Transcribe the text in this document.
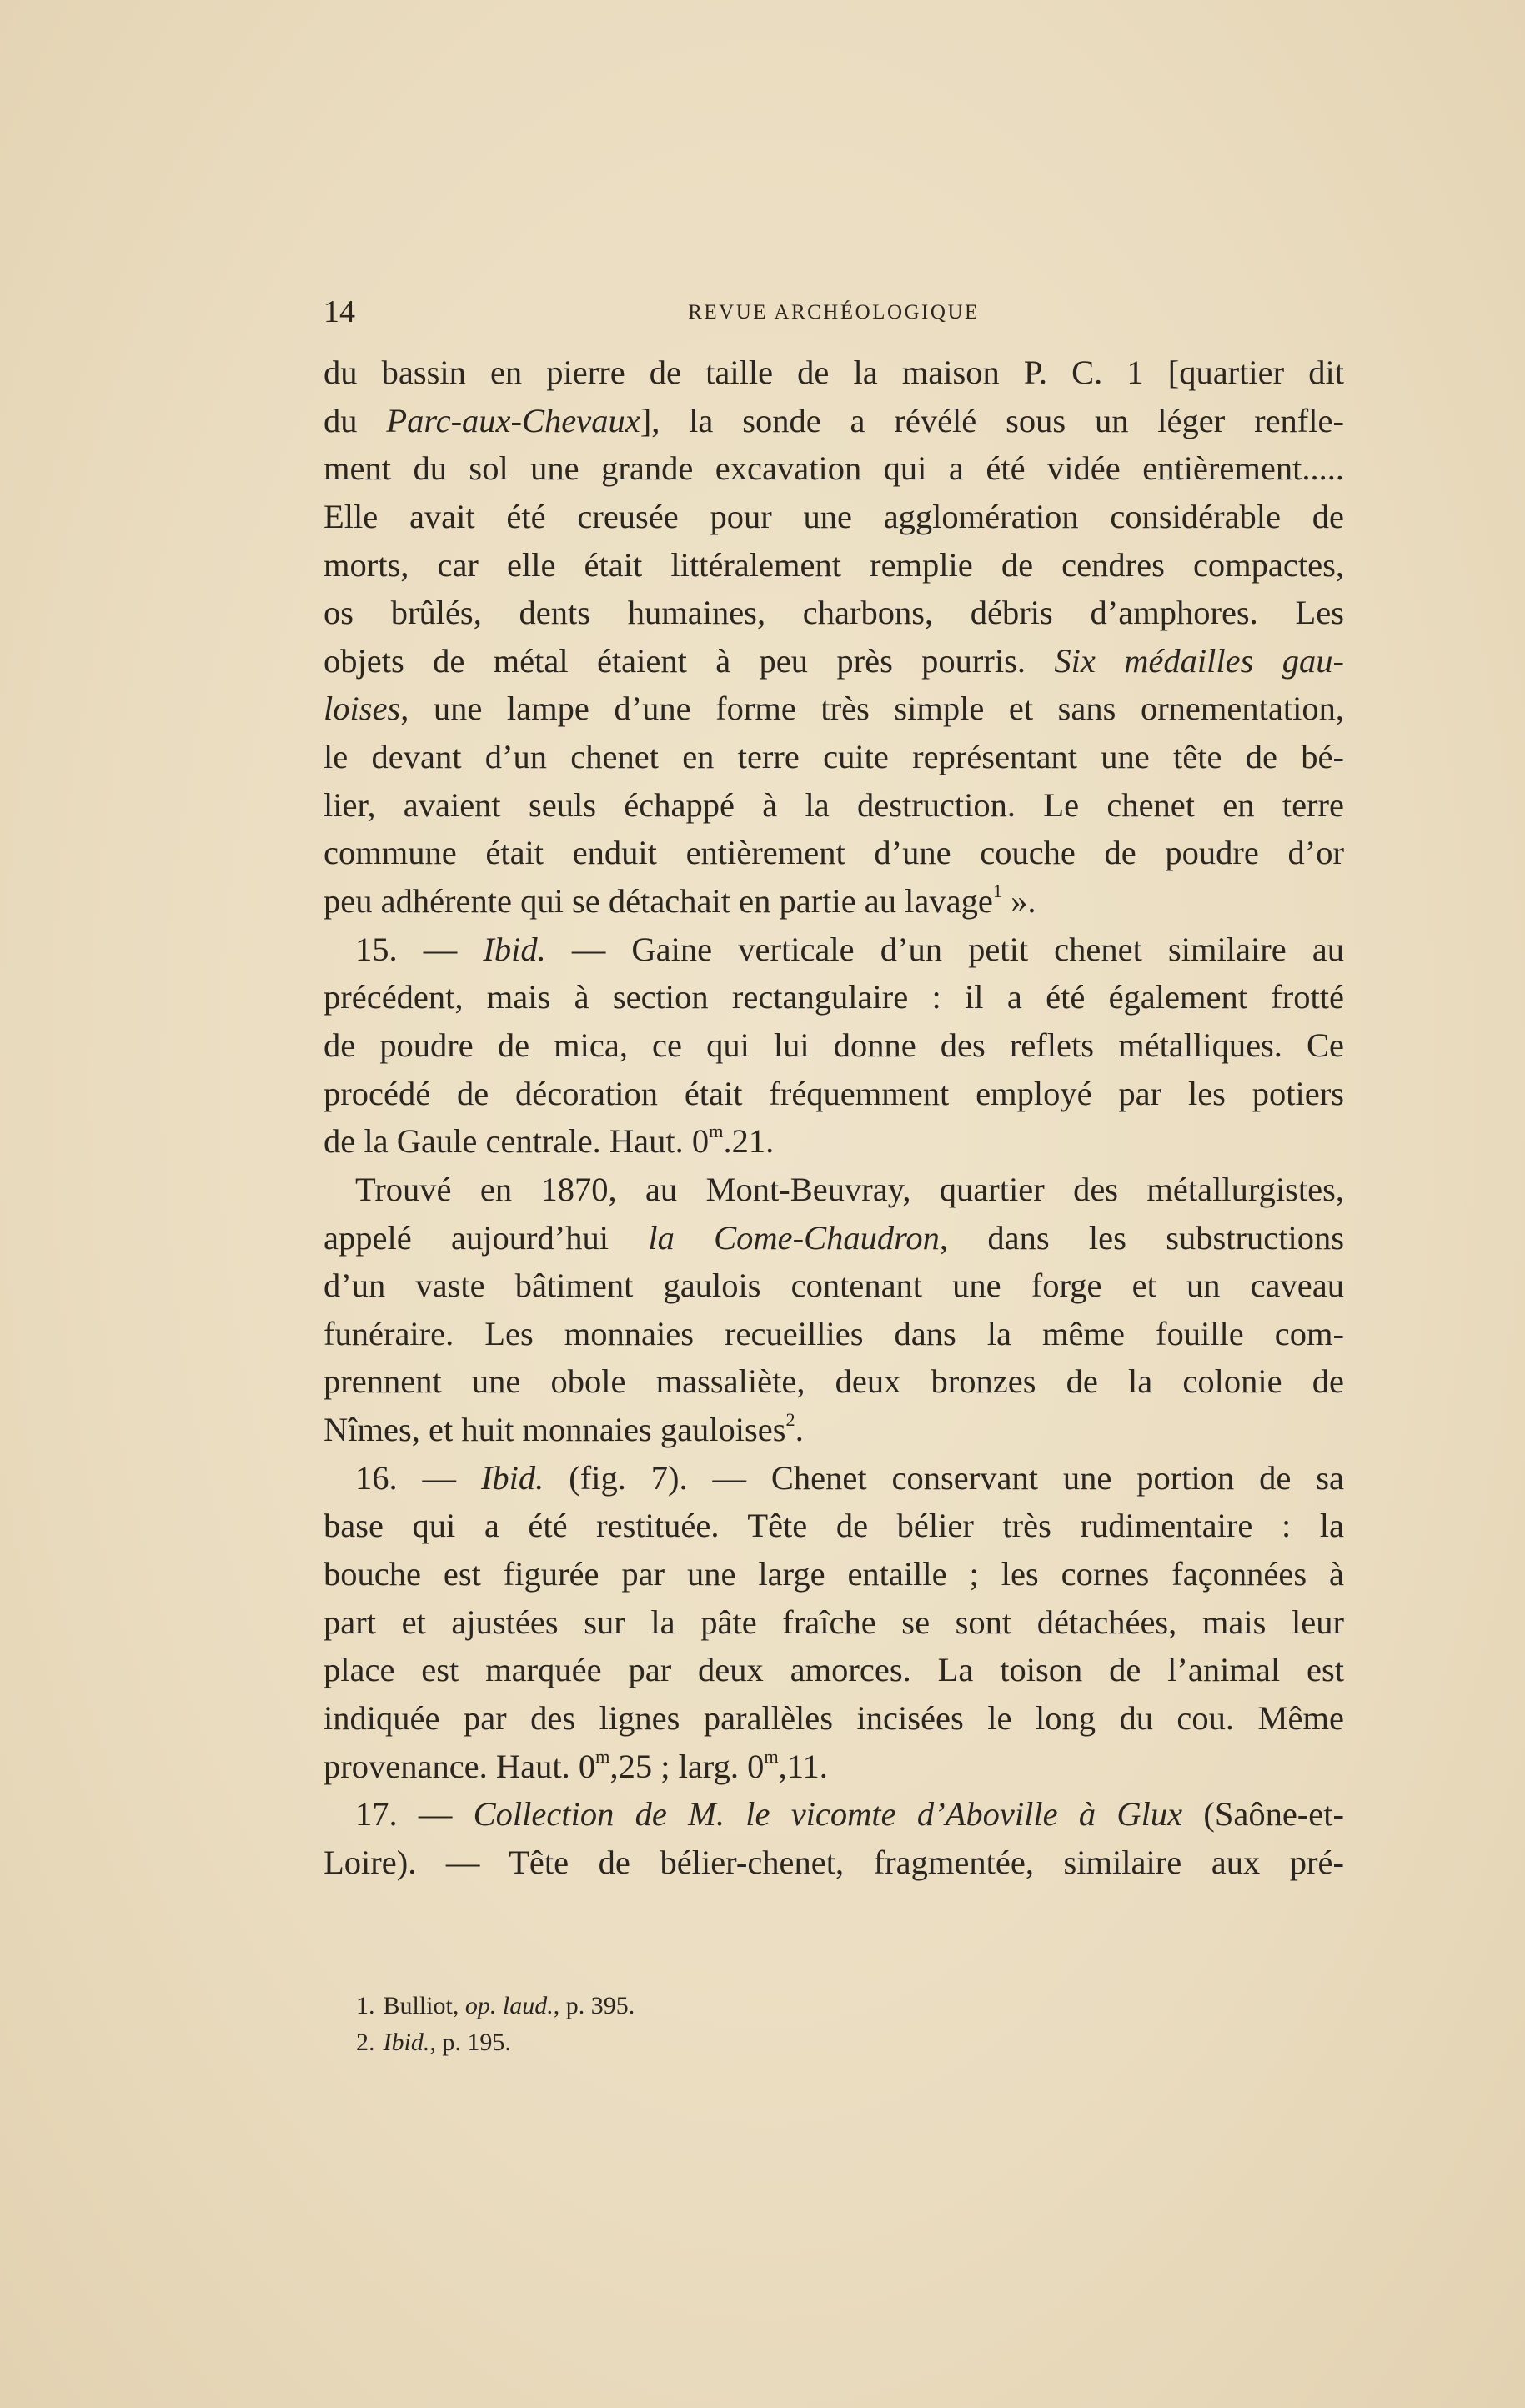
14	REVUE ARCHÉOLOGIQUE
du bassin en pierre de taille de la maison P. C. 1 [quartier dit
du Parc-aux-Chevaux], la sonde a révélé sous un léger renfle-
ment du sol une grande excavation qui a été vidée entièrement.....
Elle avait été creusée pour une agglomération considérable de
morts, car elle était littéralement remplie de cendres compactes,
os brûlés, dents humaines, charbons, débris d’amphores. Les
objets de métal étaient à peu près pourris. Six médailles gau-
loises, une lampe d’une forme très simple et sans ornementation,
le devant d’un chenet en terre cuite représentant une tête de bé-
lier, avaient seuls échappé à la destruction. Le chenet en terre
commune était enduit entièrement d’une couche de poudre d’or
peu adhérente qui se détachait en partie au lavage$^1$ ».
15. — Ibid. — Gaine verticale d’un petit chenet similaire au
précédent, mais à section rectangulaire : il a été également frotté
de poudre de mica, ce qui lui donne des reflets métalliques. Ce
procédé de décoration était fréquemment employé par les potiers
de la Gaule centrale. Haut. 0$^m$.21.
Trouvé en 1870, au Mont-Beuvray, quartier des métallurgistes,
appelé aujourd’hui la Come-Chaudron, dans les substructions
d’un vaste bâtiment gaulois contenant une forge et un caveau
funéraire. Les monnaies recueillies dans la même fouille com-
prennent une obole massaliète, deux bronzes de la colonie de
Nîmes, et huit monnaies gauloises$^2$.
16. — Ibid. (fig. 7). — Chenet conservant une portion de sa
base qui a été restituée. Tête de bélier très rudimentaire : la
bouche est figurée par une large entaille ; les cornes façonnées à
part et ajustées sur la pâte fraîche se sont détachées, mais leur
place est marquée par deux amorces. La toison de l’animal est
indiquée par des lignes parallèles incisées le long du cou. Même
provenance. Haut. 0$^m$,25 ; larg. 0$^m$,11.
17. — Collection de M. le vicomte d’Aboville à Glux (Saône-et-
Loire). — Tête de bélier-chenet, fragmentée, similaire aux pré-
1. Bulliot, op. laud., p. 395.
2. Ibid., p. 195.
